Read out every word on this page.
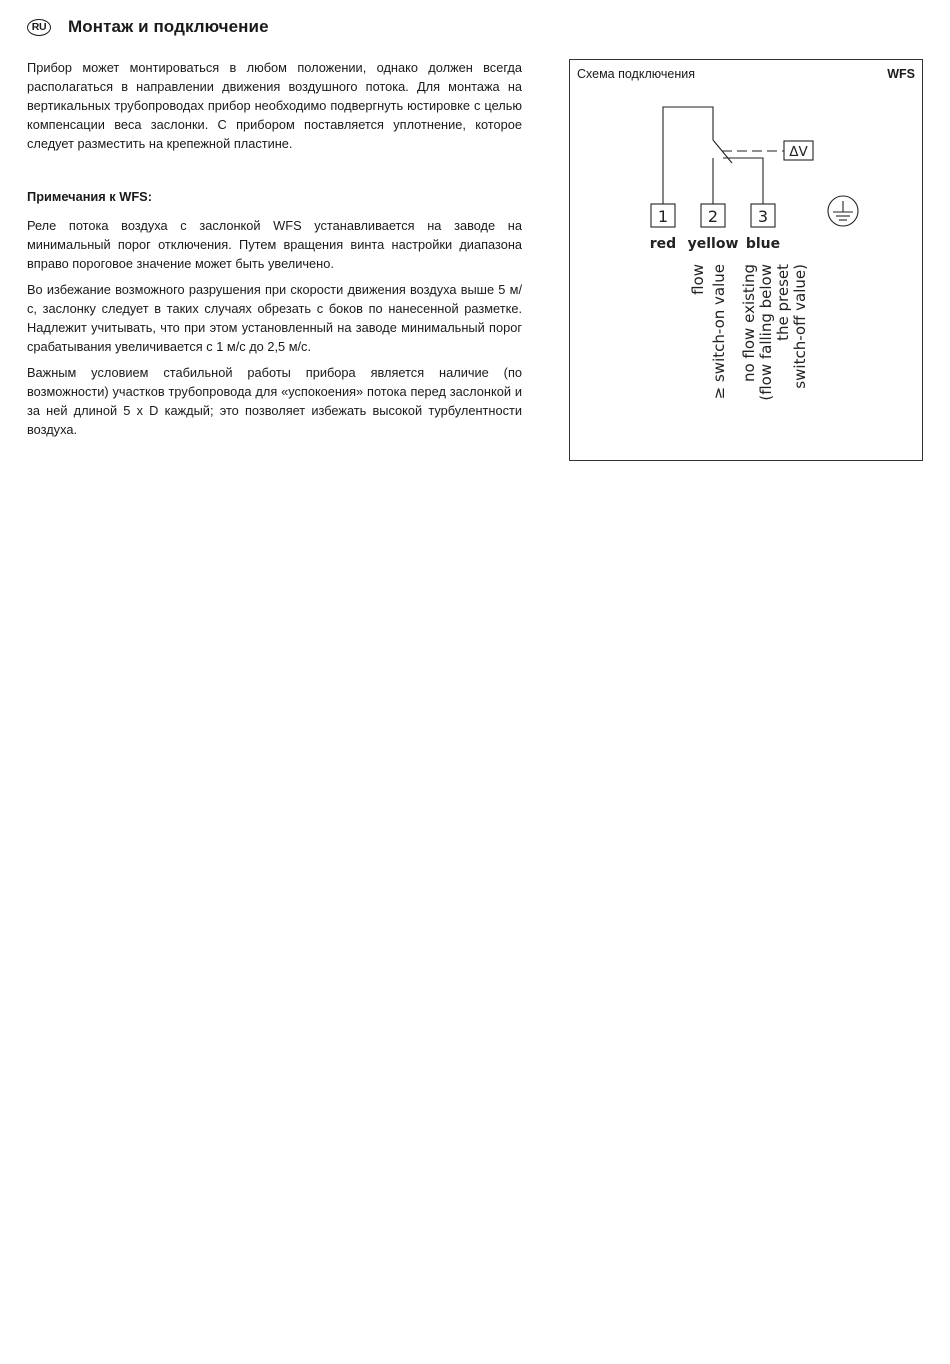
RU Монтаж и подключение

Прибор может монтироваться в любом положении, однако должен всегда располагаться в направлении движения воздушного потока. Для монтажа на вертикальных трубопроводах прибор необходимо подвергнуть юстировке с целью компенсации веса заслонки. С прибором поставляется уплотнение, которое следует разместить на крепежной пластине.

Примечания к WFS:

Реле потока воздуха с заслонкой WFS устанавливается на заводе на минимальный порог отключения. Путем вращения винта настройки диапазона вправо пороговое значение может быть увеличено.

Во избежание возможного разрушения при скорости движения воздуха выше 5 м/с, заслонку следует в таких случаях обрезать с боков по нанесенной разметке. Надлежит учитывать, что при этом установленный на заводе минимальный порог срабатывания увеличивается с 1 м/с до 2,5 м/с.

Важным условием стабильной работы прибора является наличие (по возможности) участков трубопровода для «успокоения» потока перед заслонкой и за ней длиной 5 x D каждый; это позволяет избежать высокой турбулентности воздуха.

Схема подключения	WFS
ΔV
1 2 3
red yellow blue
flow ≥ switch-on value no flow existing (flow falling below the preset switch-off value)
